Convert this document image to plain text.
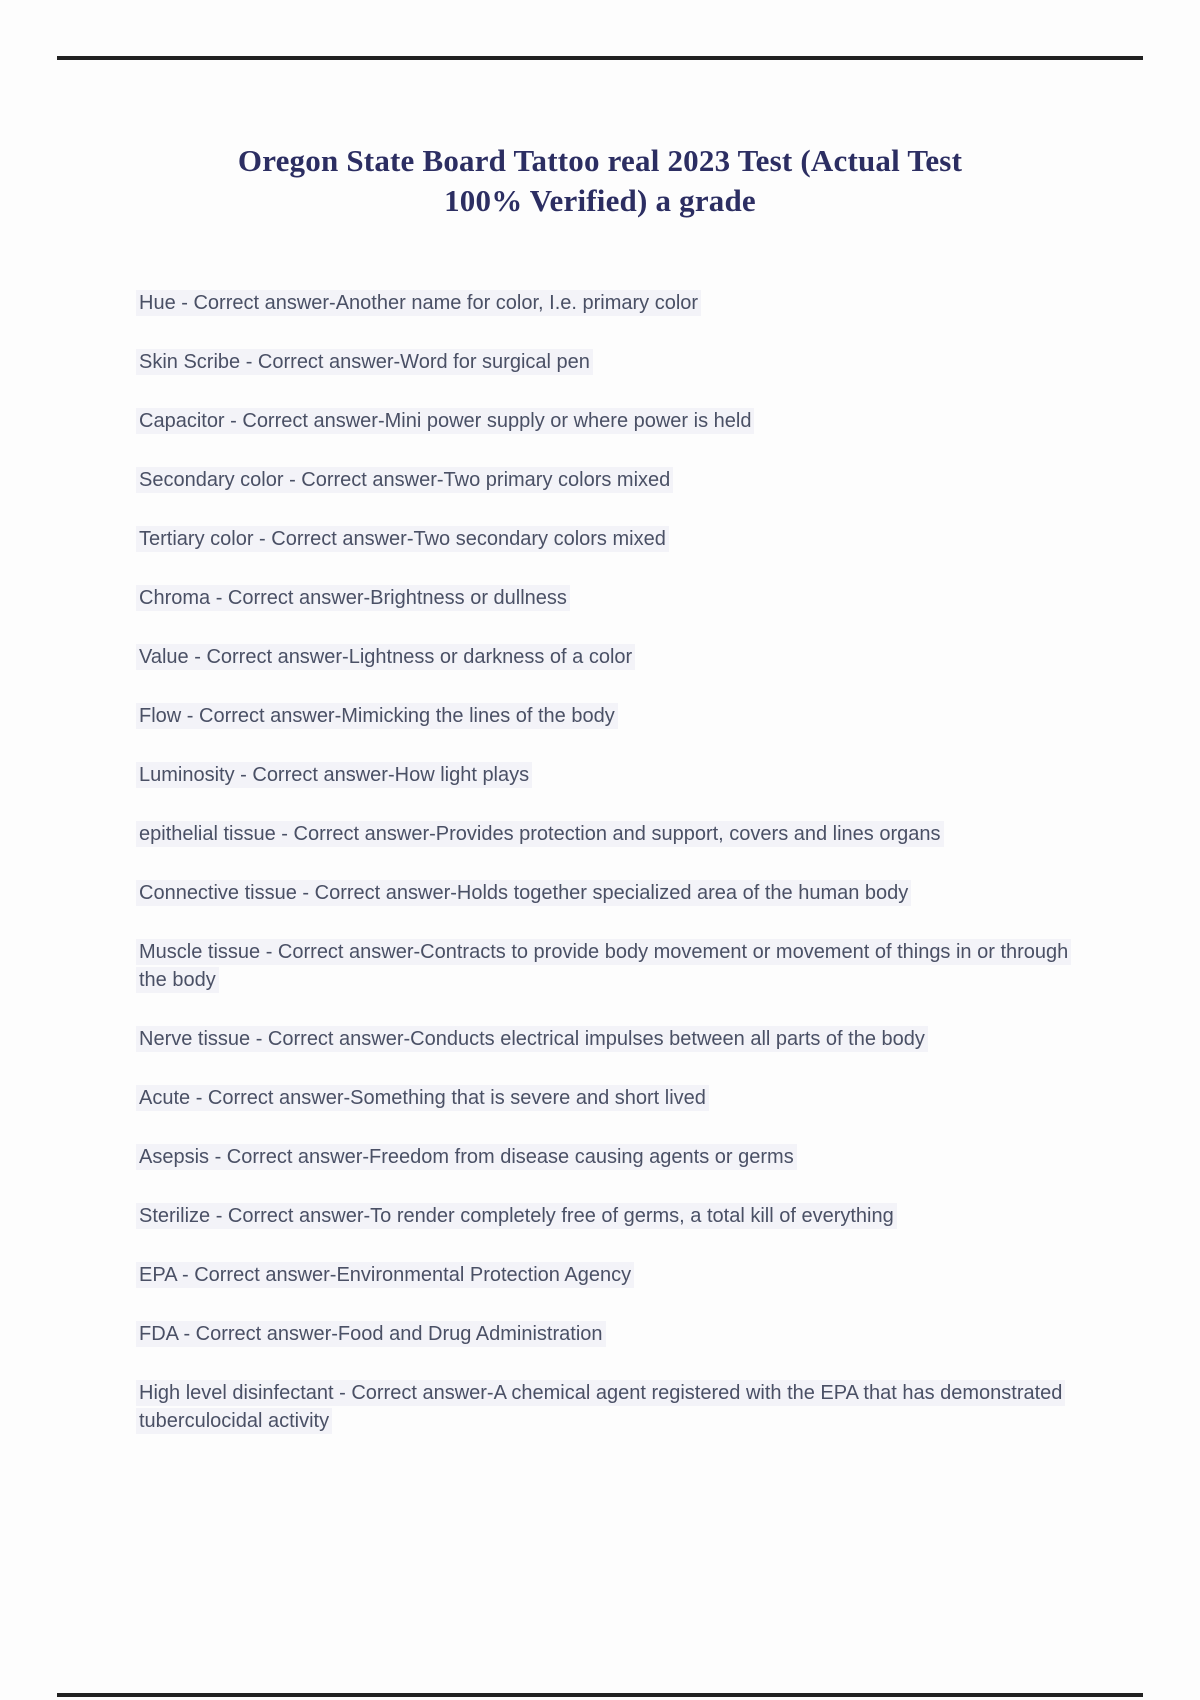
Oregon State Board Tattoo real 2023 Test (Actual Test
100% Verified) a grade
Hue - Correct answer-Another name for color, I.e. primary color
Skin Scribe - Correct answer-Word for surgical pen
Capacitor - Correct answer-Mini power supply or where power is held
Secondary color - Correct answer-Two primary colors mixed
Tertiary color - Correct answer-Two secondary colors mixed
Chroma - Correct answer-Brightness or dullness
Value - Correct answer-Lightness or darkness of a color
Flow - Correct answer-Mimicking the lines of the body
Luminosity - Correct answer-How light plays
epithelial tissue - Correct answer-Provides protection and support, covers and lines organs
Connective tissue - Correct answer-Holds together specialized area of the human body
Muscle tissue - Correct answer-Contracts to provide body movement or movement of things in or through the body
Nerve tissue - Correct answer-Conducts electrical impulses between all parts of the body
Acute - Correct answer-Something that is severe and short lived
Asepsis - Correct answer-Freedom from disease causing agents or germs
Sterilize - Correct answer-To render completely free of germs, a total kill of everything
EPA - Correct answer-Environmental Protection Agency
FDA - Correct answer-Food and Drug Administration
High level disinfectant - Correct answer-A chemical agent registered with the EPA that has demonstrated tuberculocidal activity
